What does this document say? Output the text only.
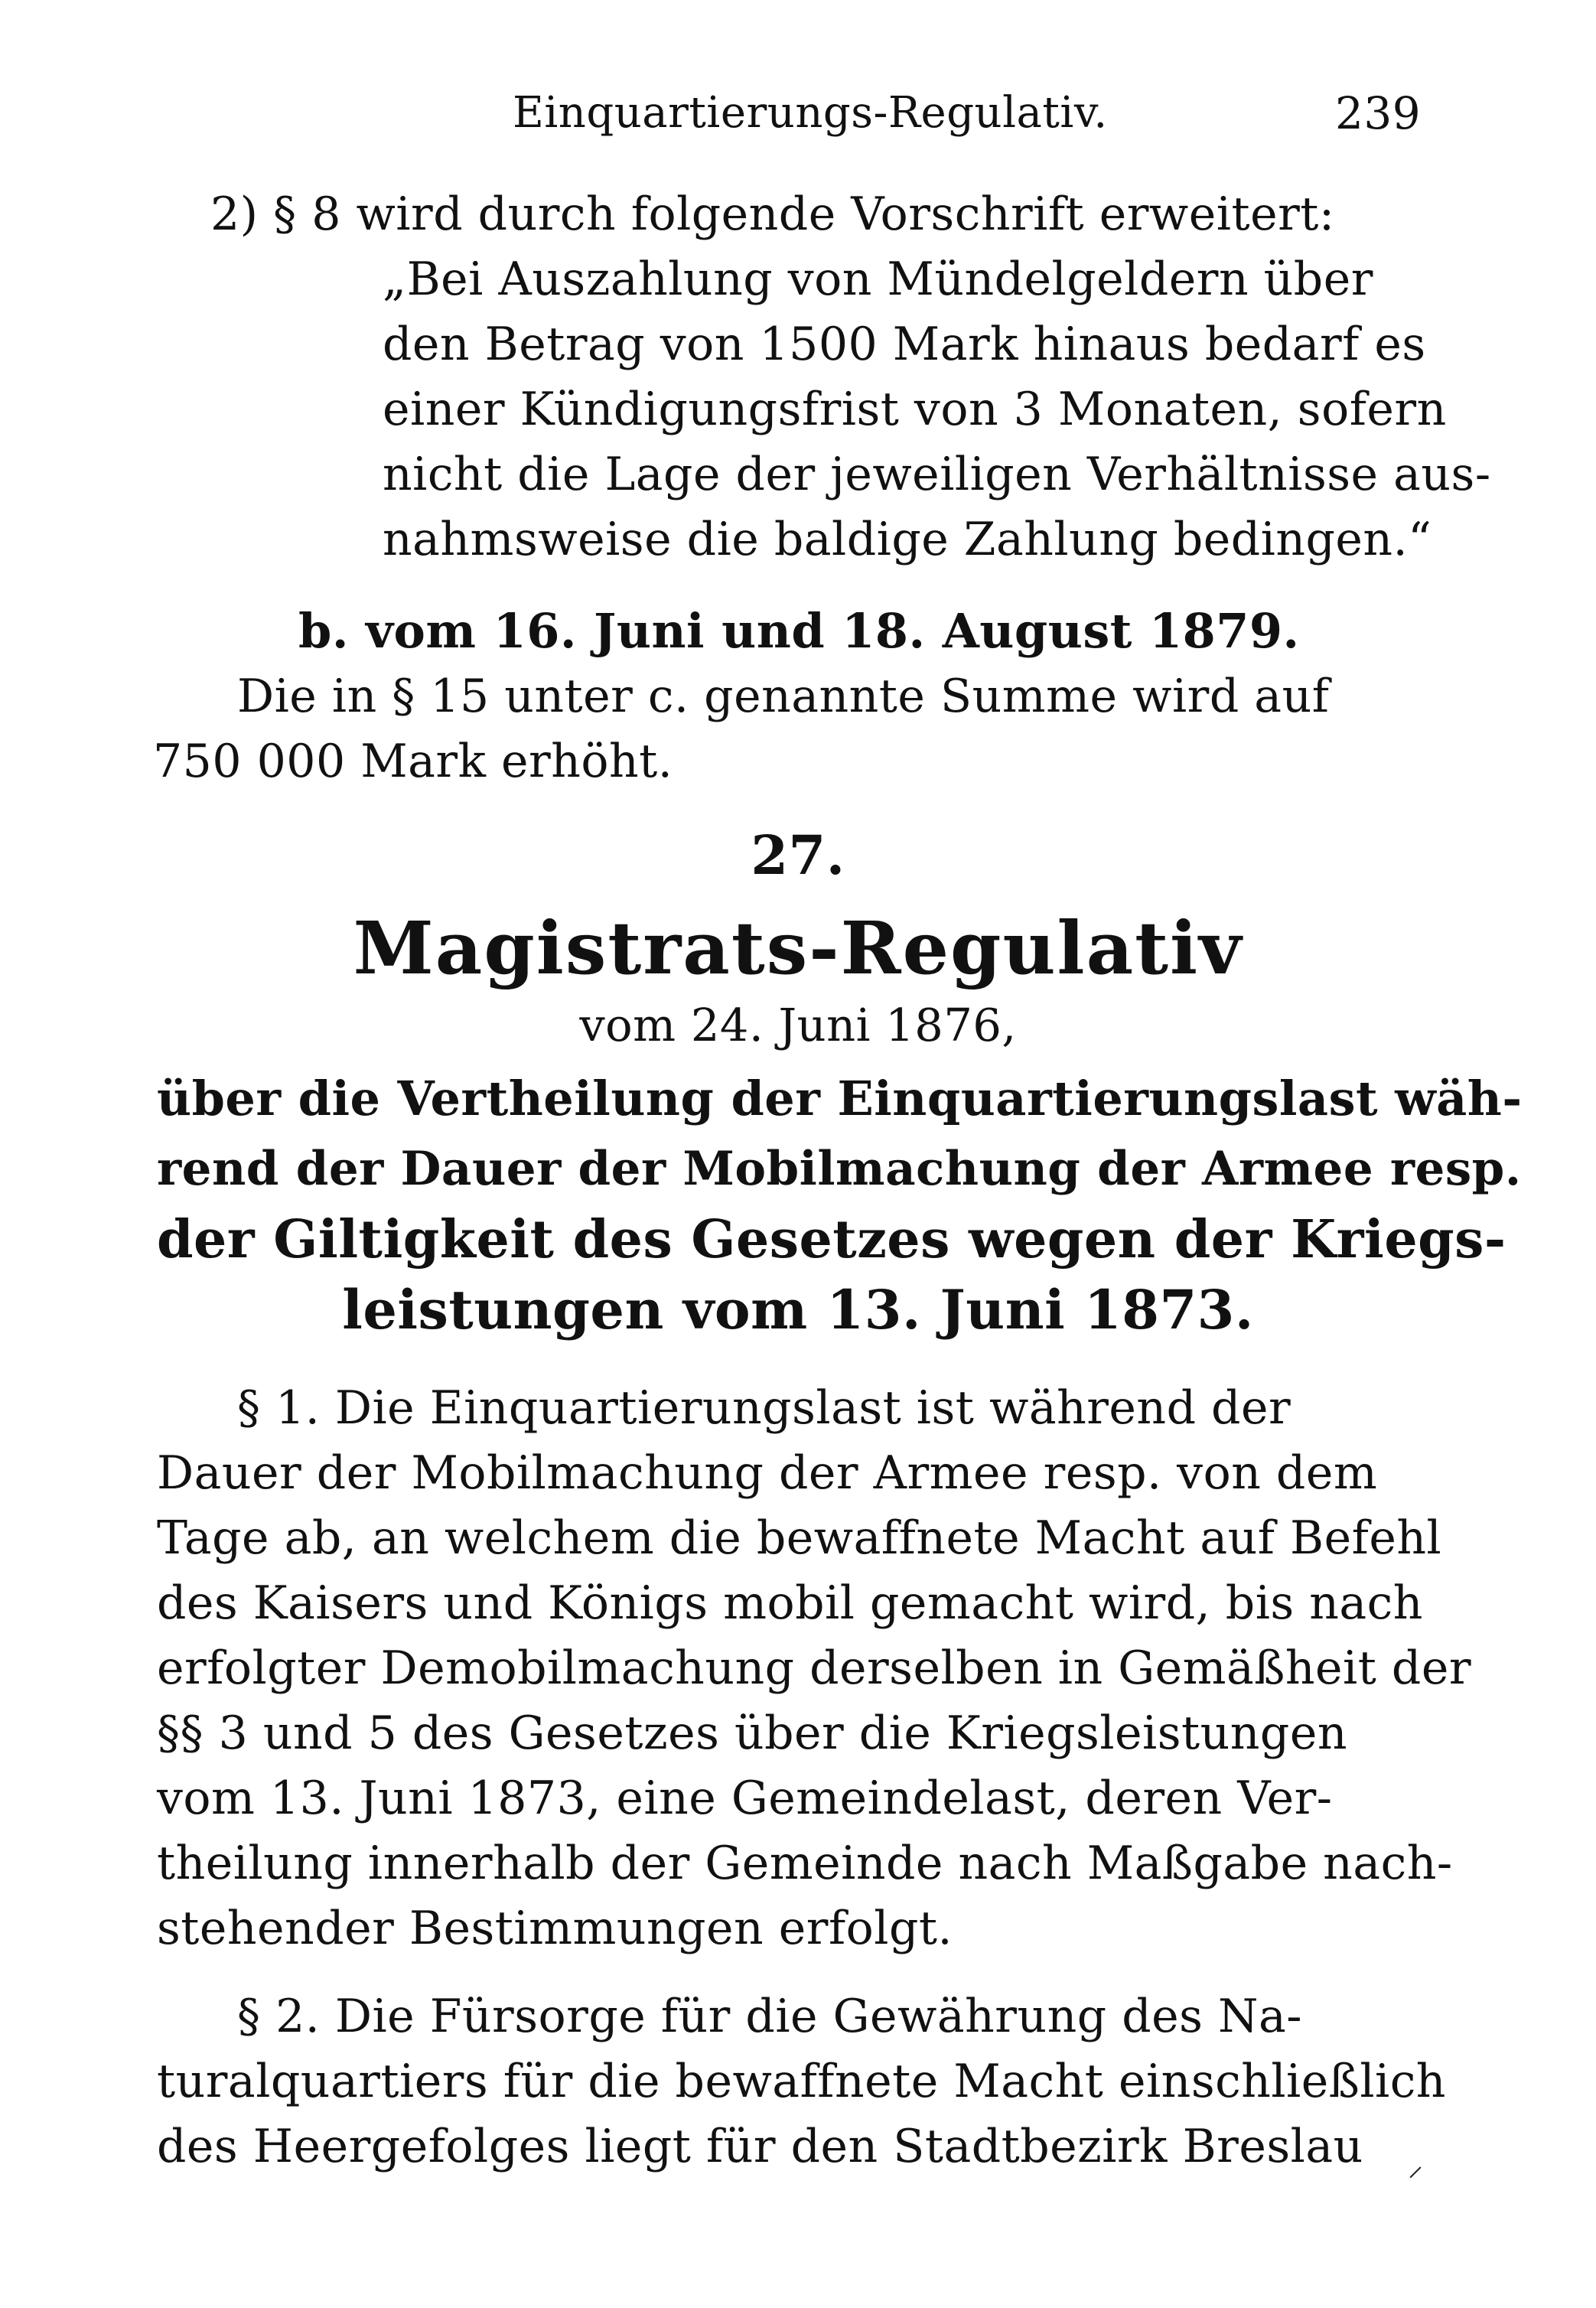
Einquartierungs-Regulativ.	239
2) § 8 wird durch folgende Vorschrift erweitert:
„Bei Auszahlung von Mündelgeldern über
den Betrag von 1500 Mark hinaus bedarf es
einer Kündigungsfrist von 3 Monaten, sofern
nicht die Lage der jeweiligen Verhältnisse aus-
nahmsweise die baldige Zahlung bedingen.“
b. vom 16. Juni und 18. August 1879.
Die in § 15 unter c. genannte Summe wird auf
750 000 Mark erhöht.
27.
Magistrats-Regulativ
vom 24. Juni 1876,
über die Vertheilung der Einquartierungslast wäh-
rend der Dauer der Mobilmachung der Armee resp.
der Giltigkeit des Gesetzes wegen der Kriegs-
leistungen vom 13. Juni 1873.
§ 1. Die Einquartierungslast ist während der
Dauer der Mobilmachung der Armee resp. von dem
Tage ab, an welchem die bewaffnete Macht auf Befehl
des Kaisers und Königs mobil gemacht wird, bis nach
erfolgter Demobilmachung derselben in Gemäßheit der
§§ 3 und 5 des Gesetzes über die Kriegsleistungen
vom 13. Juni 1873, eine Gemeindelast, deren Ver-
theilung innerhalb der Gemeinde nach Maßgabe nach-
stehender Bestimmungen erfolgt.
§ 2. Die Fürsorge für die Gewährung des Na-
turalquartiers für die bewaffnete Macht einschließlich
des Heergefolges liegt für den Stadtbezirk Breslau ⸝
